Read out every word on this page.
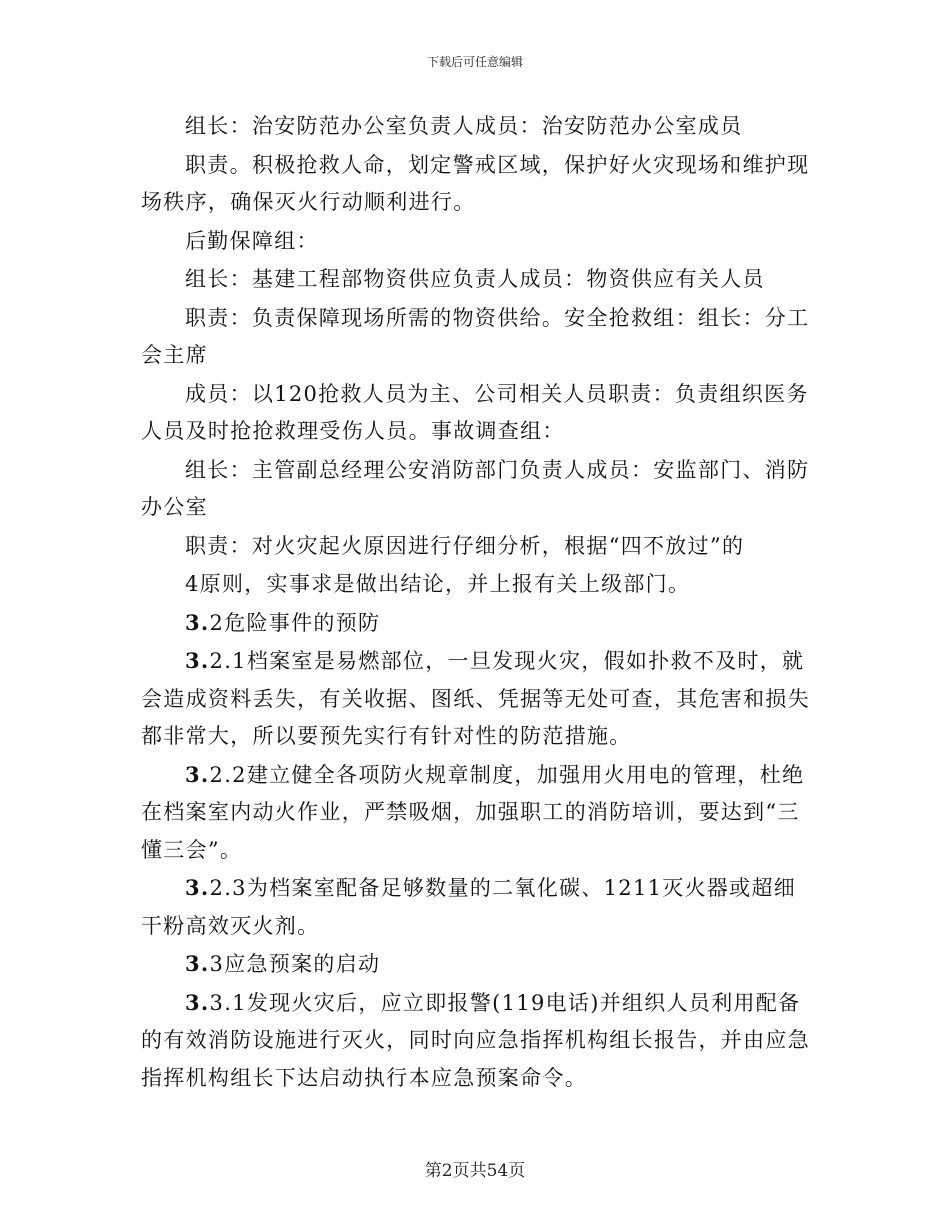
下载后可任意编辑

组长：治安防范办公室负责人成员：治安防范办公室成员

职责。积极抢救人命，划定警戒区域，保护好火灾现场和维护现场秩序，确保灭火行动顺利进行。

后勤保障组：

组长：基建工程部物资供应负责人成员：物资供应有关人员

职责：负责保障现场所需的物资供给。安全抢救组：组长：分工会主席

成员：以120抢救人员为主、公司相关人员职责：负责组织医务人员及时抢抢救理受伤人员。事故调查组：

组长：主管副总经理公安消防部门负责人成员：安监部门、消防办公室

职责：对火灾起火原因进行仔细分析，根据“四不放过”的

4原则，实事求是做出结论，并上报有关上级部门。

3.2危险事件的预防

3.2.1档案室是易燃部位，一旦发现火灾，假如扑救不及时，就会造成资料丢失，有关收据、图纸、凭据等无处可查，其危害和损失都非常大，所以要预先实行有针对性的防范措施。

3.2.2建立健全各项防火规章制度，加强用火用电的管理，杜绝在档案室内动火作业，严禁吸烟，加强职工的消防培训，要达到“三懂三会”。

3.2.3为档案室配备足够数量的二氧化碳、1211灭火器或超细干粉高效灭火剂。

3.3应急预案的启动

3.3.1发现火灾后，应立即报警(119电话)并组织人员利用配备的有效消防设施进行灭火，同时向应急指挥机构组长报告，并由应急指挥机构组长下达启动执行本应急预案命令。

第2页共54页
